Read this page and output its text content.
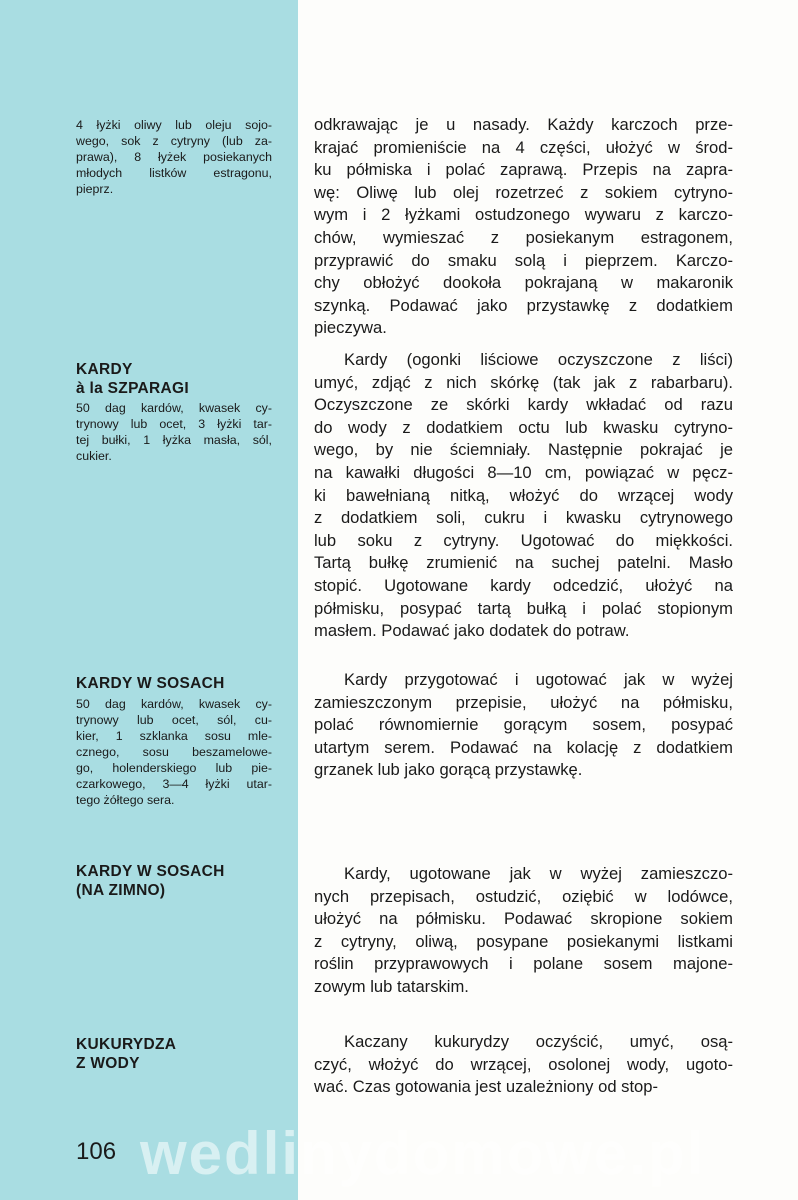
4 łyżki oliwy lub oleju sojo-
wego, sok z cytryny (lub za-
prawa), 8 łyżek posiekanych
młodych listków estragonu,
pieprz.
KARDY
à la SZPARAGI
50 dag kardów, kwasek cy-
trynowy lub ocet, 3 łyżki tar-
tej bułki, 1 łyżka masła, sól,
cukier.
KARDY W SOSACH
50 dag kardów, kwasek cy-
trynowy lub ocet, sól, cu-
kier, 1 szklanka sosu mle-
cznego, sosu beszamelowe-
go, holenderskiego lub pie-
czarkowego, 3—4 łyżki utar-
tego żółtego sera.
KARDY W SOSACH
(NA ZIMNO)
KUKURYDZA
Z WODY
odkrawając je u nasady. Każdy karczoch prze-
krajać promieniście na 4 części, ułożyć w środ-
ku półmiska i polać zaprawą. Przepis na zapra-
wę: Oliwę lub olej rozetrzeć z sokiem cytryno-
wym i 2 łyżkami ostudzonego wywaru z karczo-
chów, wymieszać z posiekanym estragonem,
przyprawić do smaku solą i pieprzem. Karczo-
chy obłożyć dookoła pokrajaną w makaronik
szynką. Podawać jako przystawkę z dodatkiem
pieczywa.
Kardy (ogonki liściowe oczyszczone z liści)
umyć, zdjąć z nich skórkę (tak jak z rabarbaru).
Oczyszczone ze skórki kardy wkładać od razu
do wody z dodatkiem octu lub kwasku cytryno-
wego, by nie ściemniały. Następnie pokrajać je
na kawałki długości 8—10 cm, powiązać w pęcz-
ki bawełnianą nitką, włożyć do wrzącej wody
z dodatkiem soli, cukru i kwasku cytrynowego
lub soku z cytryny. Ugotować do miękkości.
Tartą bułkę zrumienić na suchej patelni. Masło
stopić. Ugotowane kardy odcedzić, ułożyć na
półmisku, posypać tartą bułką i polać stopionym
masłem. Podawać jako dodatek do potraw.
Kardy przygotować i ugotować jak w wyżej
zamieszczonym przepisie, ułożyć na półmisku,
polać równomiernie gorącym sosem, posypać
utartym serem. Podawać na kolację z dodatkiem
grzanek lub jako gorącą przystawkę.
Kardy, ugotowane jak w wyżej zamieszczo-
nych przepisach, ostudzić, oziębić w lodówce,
ułożyć na półmisku. Podawać skropione sokiem
z cytryny, oliwą, posypane posiekanymi listkami
roślin przyprawowych i polane sosem majone-
zowym lub tatarskim.
Kaczany kukurydzy oczyścić, umyć, osą-
czyć, włożyć do wrzącej, osolonej wody, ugoto-
wać. Czas gotowania jest uzależniony od stop-
wedlinydomowe.pl
106
